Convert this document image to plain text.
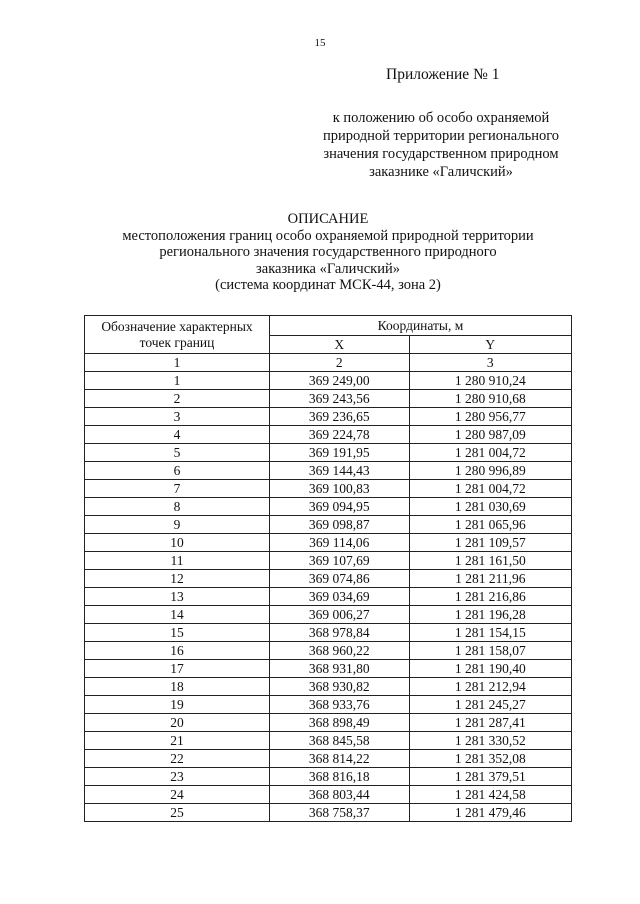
15
Приложение № 1
к положению об особо охраняемой
природной территории регионального
значения государственном природном
заказнике «Галичский»
ОПИСАНИЕ
местоположения границ особо охраняемой природной территории
регионального значения государственного природного
заказника «Галичский»
(система координат МСК-44, зона 2)
Обозначение характерных точек границ	Координаты, м	
	X	Y
1	2	3
1	369 249,00	1 280 910,24
2	369 243,56	1 280 910,68
3	369 236,65	1 280 956,77
4	369 224,78	1 280 987,09
5	369 191,95	1 281 004,72
6	369 144,43	1 280 996,89
7	369 100,83	1 281 004,72
8	369 094,95	1 281 030,69
9	369 098,87	1 281 065,96
10	369 114,06	1 281 109,57
11	369 107,69	1 281 161,50
12	369 074,86	1 281 211,96
13	369 034,69	1 281 216,86
14	369 006,27	1 281 196,28
15	368 978,84	1 281 154,15
16	368 960,22	1 281 158,07
17	368 931,80	1 281 190,40
18	368 930,82	1 281 212,94
19	368 933,76	1 281 245,27
20	368 898,49	1 281 287,41
21	368 845,58	1 281 330,52
22	368 814,22	1 281 352,08
23	368 816,18	1 281 379,51
24	368 803,44	1 281 424,58
25	368 758,37	1 281 479,46
